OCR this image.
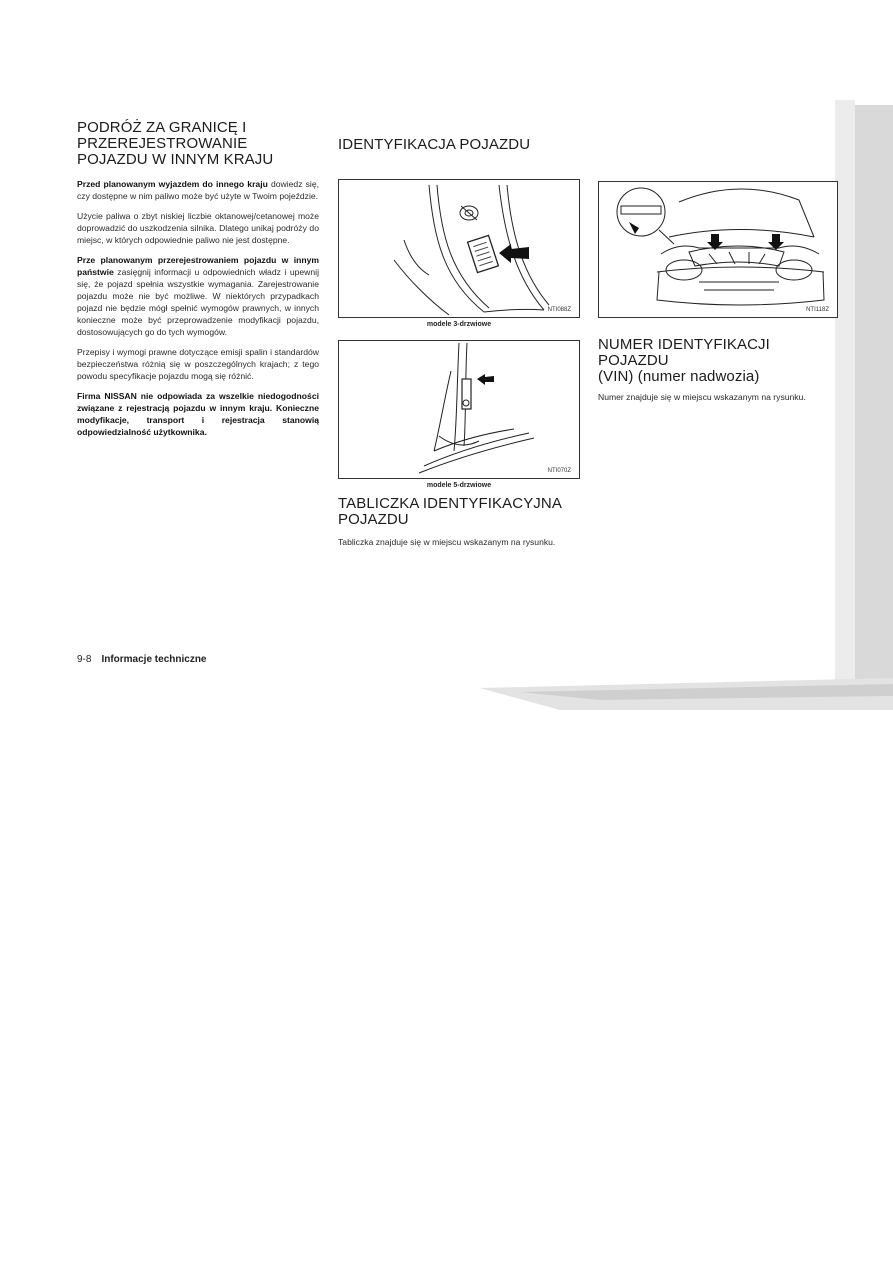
PODRÓŻ ZA GRANICĘ I PRZEREJESTROWANIE POJAZDU W INNYM KRAJU

Przed planowanym wyjazdem do innego kraju dowiedz się, czy dostępne w nim paliwo może być użyte w Twoim pojeździe.

Użycie paliwa o zbyt niskiej liczbie oktanowej/cetanowej może doprowadzić do uszkodzenia silnika. Dlatego unikaj podróży do miejsc, w których odpowiednie paliwo nie jest dostępne.

Prze planowanym przerejestrowaniem pojazdu w innym państwie zasięgnij informacji u odpowiednich władz i upewnij się, że pojazd spełnia wszystkie wymagania. Zarejestrowanie pojazdu może nie być możliwe. W niektórych przypadkach pojazd nie będzie mógł spełnić wymogów prawnych, w innych konieczne może być przeprowadzenie modyfikacji pojazdu, dostosowujących go do tych wymogów.

Przepisy i wymogi prawne dotyczące emisji spalin i standardów bezpieczeństwa różnią się w poszczególnych krajach; z tego powodu specyfikacje pojazdu mogą się różnić.

Firma NISSAN nie odpowiada za wszelkie niedogodności związane z rejestracją pojazdu w innym kraju. Konieczne modyfikacje, transport i rejestracja stanowią odpowiedzialność użytkownika.

IDENTYFIKACJA POJAZDU
NTI088Z
modele 3-drzwiowe
NTI070Z
modele 5-drzwiowe
TABLICZKA IDENTYFIKACYJNA POJAZDU

Tabliczka znajduje się w miejscu wskazanym na rysunku.

NTI118Z
NUMER IDENTYFIKACJI POJAZDU
(VIN) (numer nadwozia)

Numer znajduje się w miejscu wskazanym na rysunku.

9-8 Informacje techniczne
